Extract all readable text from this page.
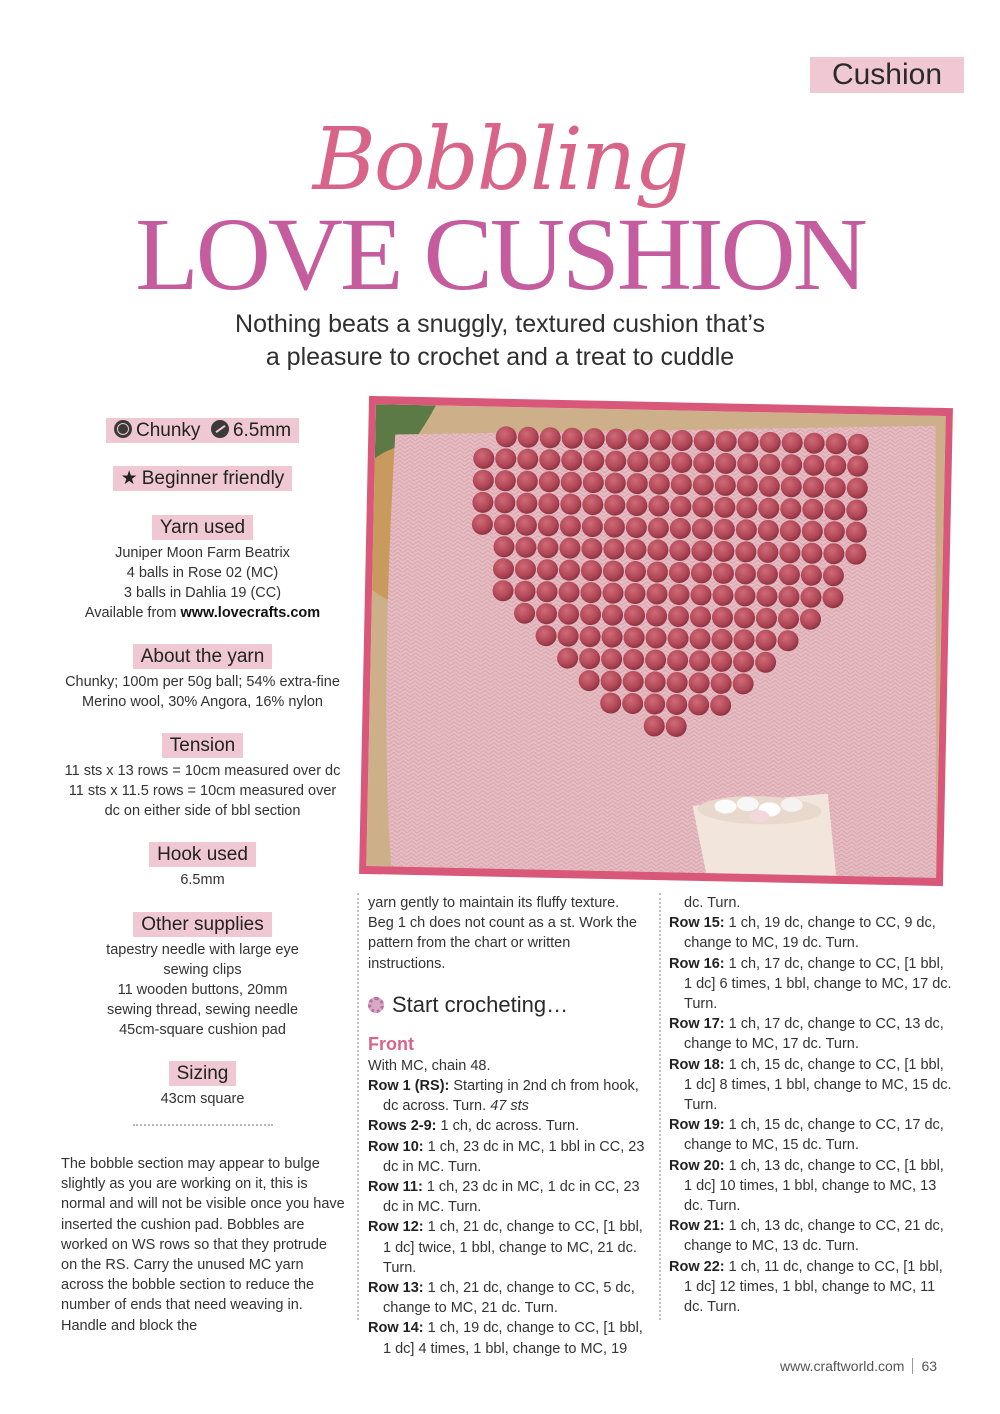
Cushion
Bobbling
LOVE CUSHION
Nothing beats a snuggly, textured cushion that’s
a pleasure to crochet and a treat to cuddle
Chunky 6.5mm
★ Beginner friendly
Yarn used
Juniper Moon Farm Beatrix
4 balls in Rose 02 (MC)
3 balls in Dahlia 19 (CC)
Available from www.lovecrafts.com
About the yarn
Chunky; 100m per 50g ball; 54% extra-fine
Merino wool, 30% Angora, 16% nylon
Tension
11 sts x 13 rows = 10cm measured over dc
11 sts x 11.5 rows = 10cm measured over
dc on either side of bbl section
Hook used
6.5mm
Other supplies
tapestry needle with large eye
sewing clips
11 wooden buttons, 20mm
sewing thread, sewing needle
45cm-square cushion pad
Sizing
43cm square

The bobble section may appear to bulge slightly as you are working on it, this is normal and will not be visible once you have inserted the cushion pad. Bobbles are worked on WS rows so that they protrude on the RS. Carry the unused MC yarn across the bobble section to reduce the number of ends that need weaving in. Handle and block the

yarn gently to maintain its fluffy texture. Beg 1 ch does not count as a st. Work the pattern from the chart or written instructions.

Start crocheting…
Front
With MC, chain 48.
Row 1 (RS): Starting in 2nd ch from hook, dc across. Turn. 47 sts
Rows 2-9: 1 ch, dc across. Turn.
Row 10: 1 ch, 23 dc in MC, 1 bbl in CC, 23 dc in MC. Turn.
Row 11: 1 ch, 23 dc in MC, 1 dc in CC, 23 dc in MC. Turn.
Row 12: 1 ch, 21 dc, change to CC, [1 bbl, 1 dc] twice, 1 bbl, change to MC, 21 dc. Turn.
Row 13: 1 ch, 21 dc, change to CC, 5 dc, change to MC, 21 dc. Turn.
Row 14: 1 ch, 19 dc, change to CC, [1 bbl, 1 dc] 4 times, 1 bbl, change to MC, 19
dc. Turn.
Row 15: 1 ch, 19 dc, change to CC, 9 dc, change to MC, 19 dc. Turn.
Row 16: 1 ch, 17 dc, change to CC, [1 bbl, 1 dc] 6 times, 1 bbl, change to MC, 17 dc. Turn.
Row 17: 1 ch, 17 dc, change to CC, 13 dc, change to MC, 17 dc. Turn.
Row 18: 1 ch, 15 dc, change to CC, [1 bbl, 1 dc] 8 times, 1 bbl, change to MC, 15 dc. Turn.
Row 19: 1 ch, 15 dc, change to CC, 17 dc, change to MC, 15 dc. Turn.
Row 20: 1 ch, 13 dc, change to CC, [1 bbl, 1 dc] 10 times, 1 bbl, change to MC, 13 dc. Turn.
Row 21: 1 ch, 13 dc, change to CC, 21 dc, change to MC, 13 dc. Turn.
Row 22: 1 ch, 11 dc, change to CC, [1 bbl, 1 dc] 12 times, 1 bbl, change to MC, 11 dc. Turn.
www.craftworld.com 63
